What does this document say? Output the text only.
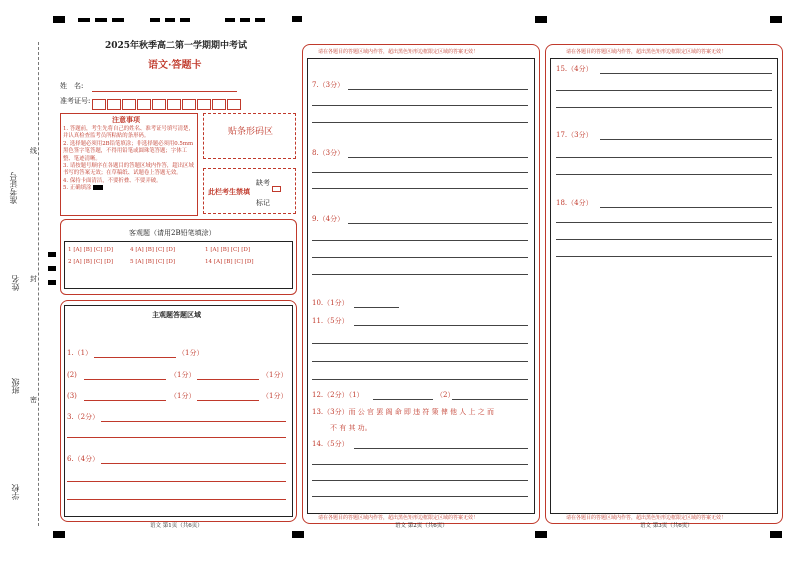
准考证号
线
姓名 封
班级
密
学校
2025年秋季高二第一学期期中考试
语文·答题卡
姓　名:
准考证号:
注意事项
1. 答题前，考生先将自己的姓名、准考证号填写清楚，并认真检查监考员所粘贴的条形码。
2. 选择题必须用2B铅笔填涂；非选择题必须用0.5mm黑色签字笔答题，不得用铅笔或圆珠笔答题；字体工整、笔迹清晰。
3. 请按题号顺序在各题目的答题区域内作答，超出区域书写的答案无效；在草稿纸、试题卷上答题无效。
4. 保持卡面清洁，不要折叠、不要弄破。
5. 正确填涂
贴条形码区
此栏考生禁填
缺考
标记
客观题（请用2B铅笔填涂）
1 [A] [B] [C] [D]	4 [A] [B] [C] [D]	1 [A] [B] [C] [D]
2 [A] [B] [C] [D]	5 [A] [B] [C] [D]	14 [A] [B] [C] [D]
主观题答题区域
1.（1）	（1分）
(2)	（1分）	（1分）
(3)	（1分）	（1分）
3.（2分）
6.（4分）
语文 第1页（共6页）
请在各题目的答题区域内作答，超出黑色矩形边框限定区域的答案无效！
7.（3分）
8.（3分）
9.（4分）
10.（1分）
11.（5分）
12.（2分）（1）	（2）
13.（3分）而 公 官 罢 阁 命 即 违 符 策 俾 他 人 上 之 而
不 有 其 功。
14.（5分）
请在各题目的答题区域内作答，超出黑色矩形边框限定区域的答案无效！
语文 第2页（共6页）
请在各题目的答题区域内作答，超出黑色矩形边框限定区域的答案无效！
15.（4分）
17.（3分）
18.（4分）
请在各题目的答题区域内作答，超出黑色矩形边框限定区域的答案无效！
语文 第3页（共6页）
